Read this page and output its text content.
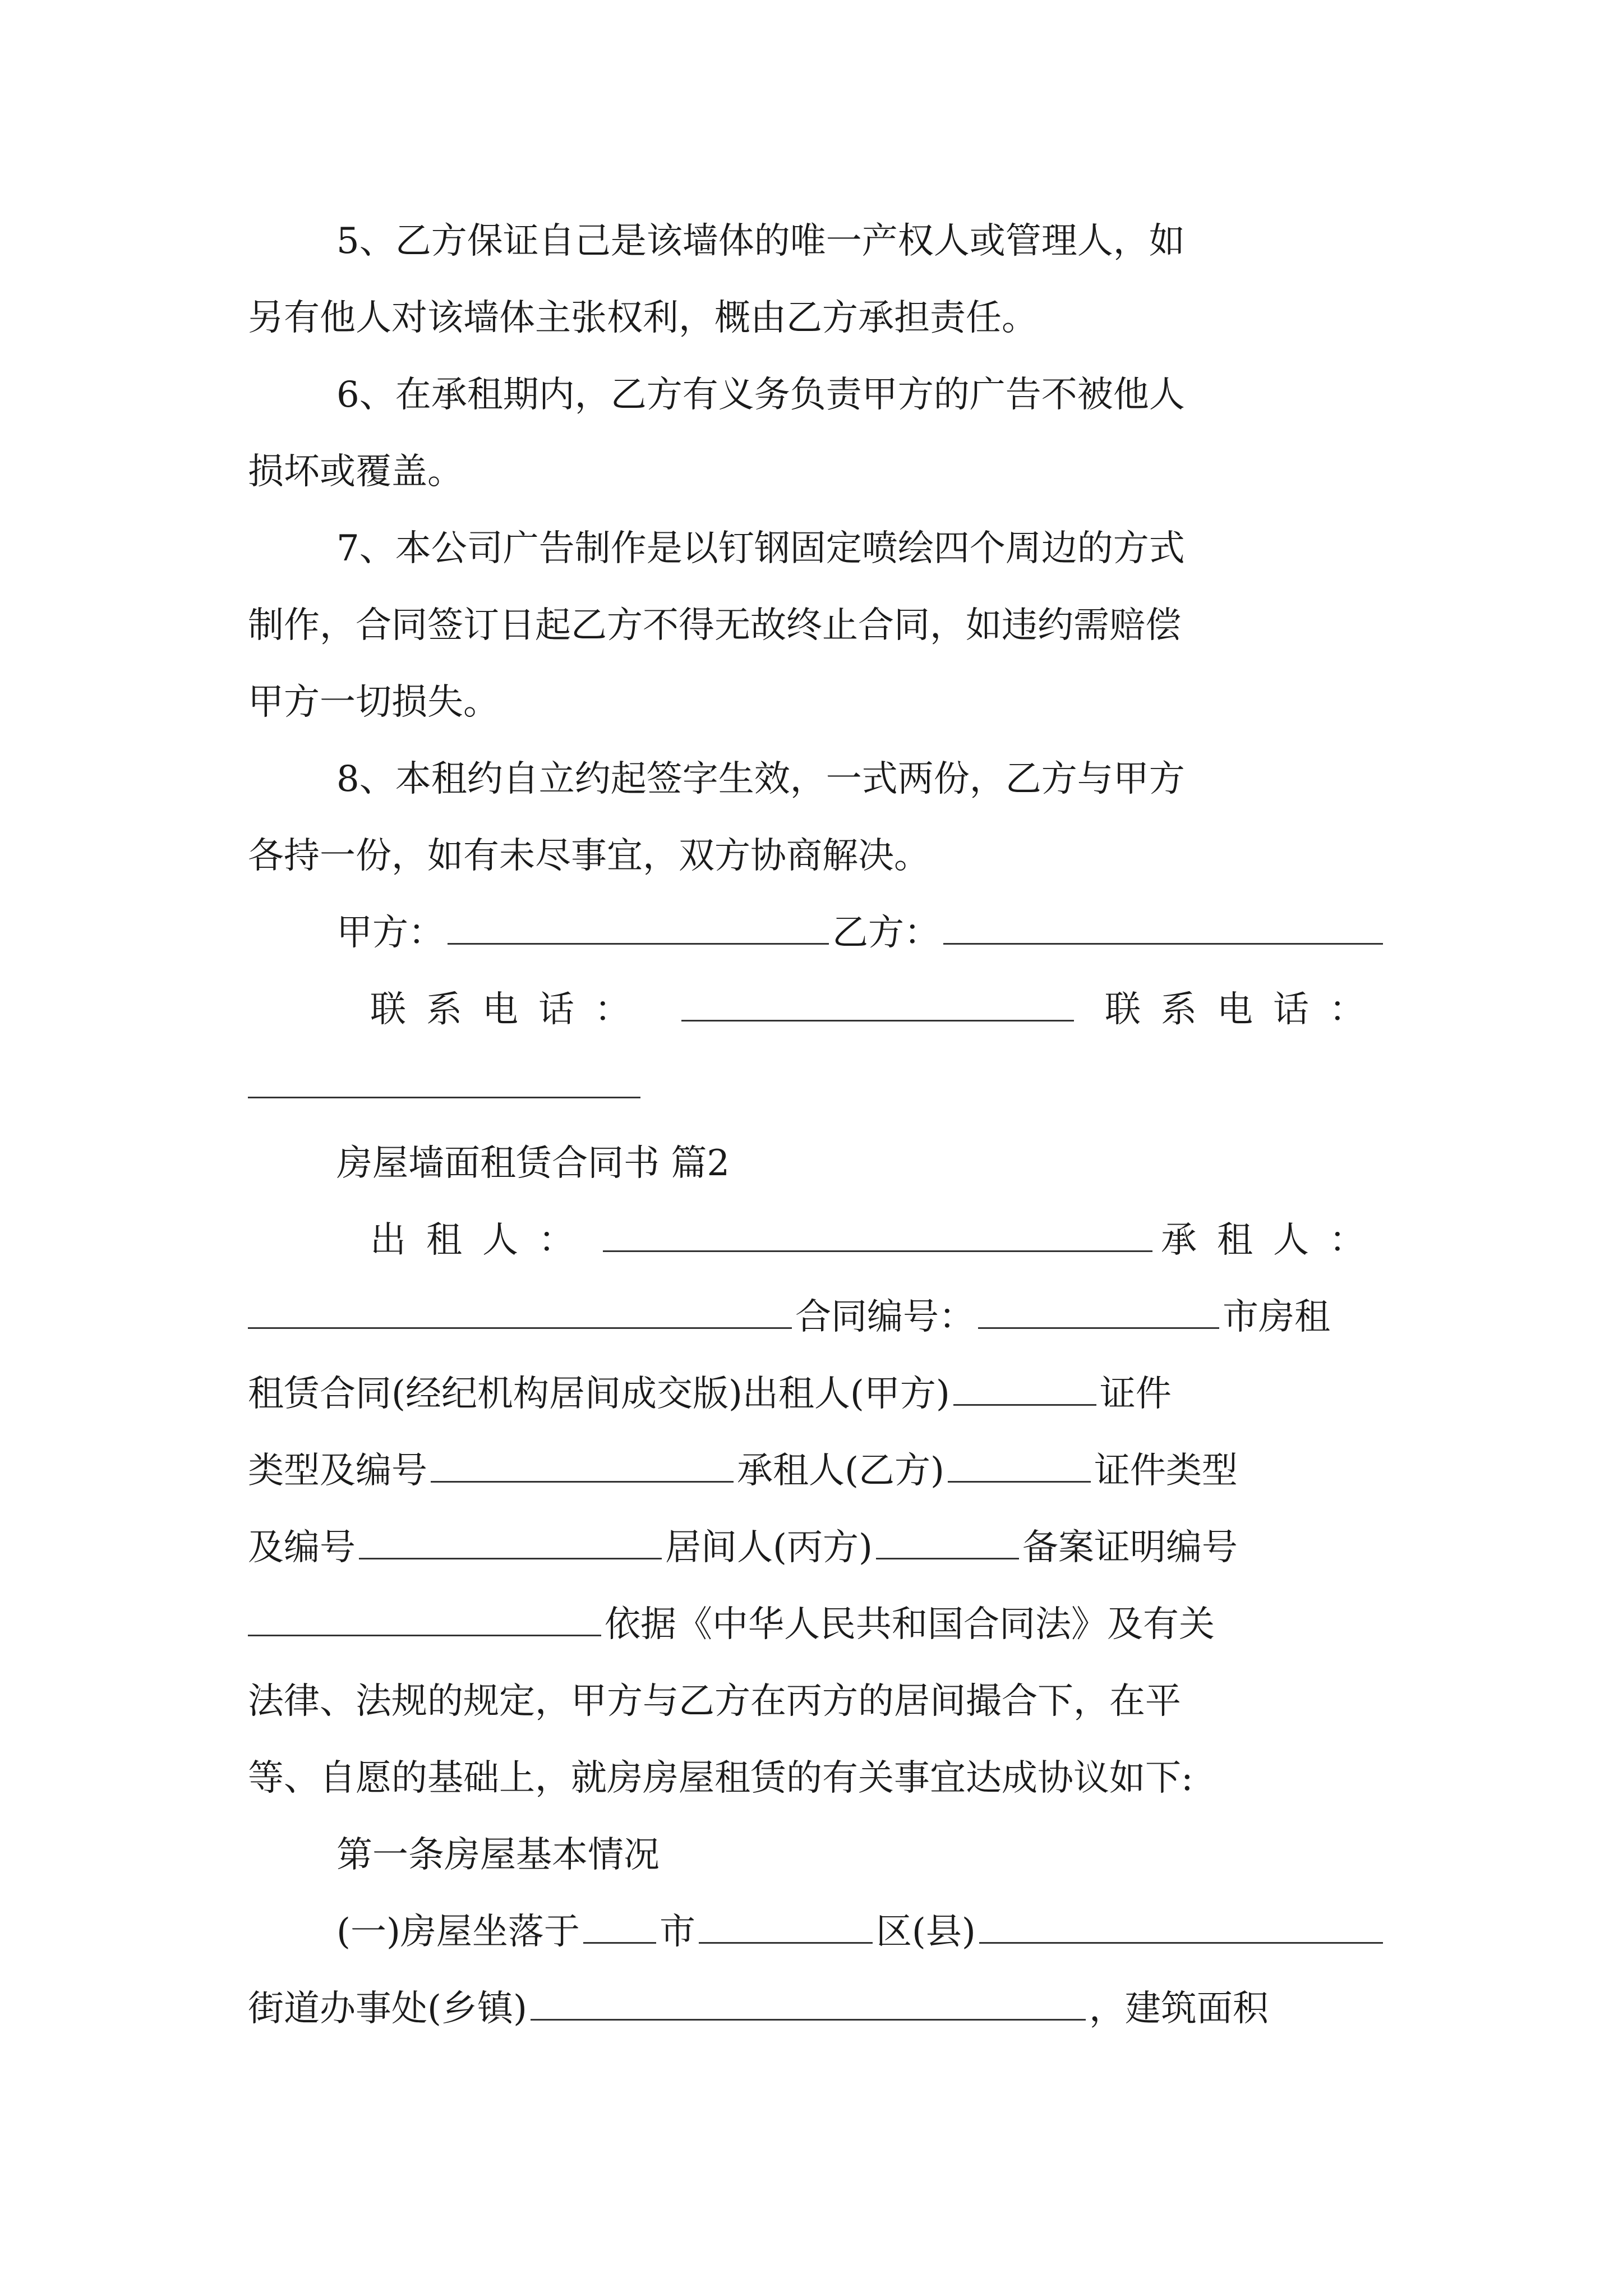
5、乙方保证自己是该墙体的唯一产权人或管理人，如
另有他人对该墙体主张权利，概由乙方承担责任。
6、在承租期内，乙方有义务负责甲方的广告不被他人
损坏或覆盖。
7、本公司广告制作是以钉钢固定喷绘四个周边的方式
制作，合同签订日起乙方不得无故终止合同，如违约需赔偿
甲方一切损失。
8、本租约自立约起签字生效，一式两份，乙方与甲方
各持一份，如有未尽事宜，双方协商解决。
甲方：	乙方：
联系电话：	联系电话：
房屋墙面租赁合同书 篇2
出租人：	承租人：
合同编号：	市房租
租赁合同(经纪机构居间成交版)出租人(甲方)	证件
类型及编号	承租人(乙方)	证件类型
及编号	居间人(丙方)	备案证明编号
依据《中华人民共和国合同法》及有关
法律、法规的规定，甲方与乙方在丙方的居间撮合下，在平
等、自愿的基础上，就房房屋租赁的有关事宜达成协议如下:
第一条房屋基本情况
(一)房屋坐落于 市	区(县)
街道办事处(乡镇)	，建筑面积
